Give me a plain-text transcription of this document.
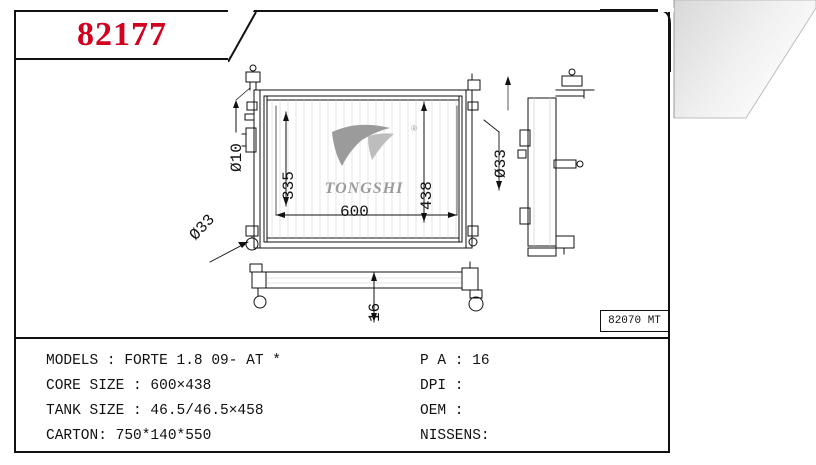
82177
600
335	438
Ø10	Ø33
Ø33
16
®
TONGSHI
82070 MT
MODELS : FORTE 1.8 09- AT *
CORE SIZE : 600×438
TANK SIZE : 46.5/46.5×458
CARTON: 750*140*550
P A : 16
DPI :
OEM :
NISSENS:
